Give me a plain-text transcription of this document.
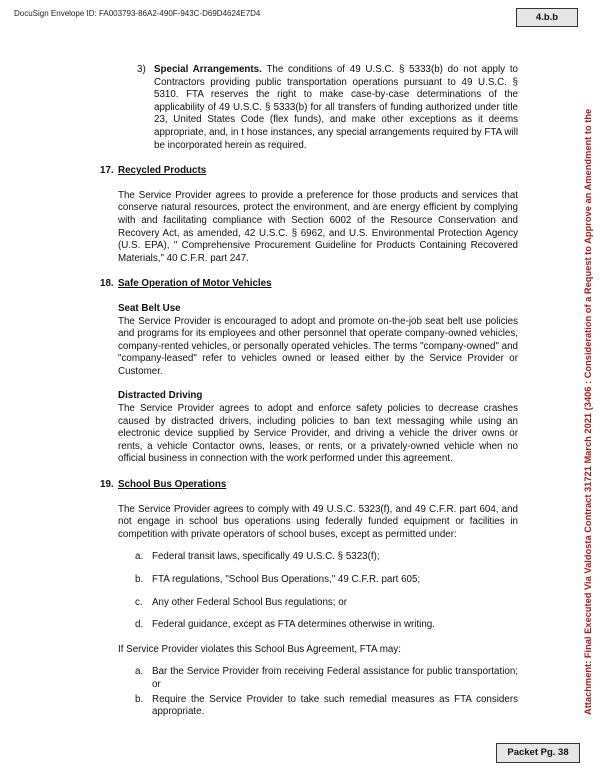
DocuSign Envelope ID: FA003793-86A2-490F-943C-D69D4624E7D4	4.b.b
Attachment: Final Executed Via Valdosta Contract 31721 March 2021 (3406 : Consideration of a Request to Approve an Amendment to the

3) Special Arrangements. The conditions of 49 U.S.C. § 5333(b) do not apply to Contractors providing public transportation operations pursuant to 49 U.S.C. § 5310. FTA reserves the right to make case-by-case determinations of the applicability of 49 U.S.C. § 5333(b) for all transfers of funding authorized under title 23, United States Code (flex funds), and make other exceptions as it deems appropriate, and, in t hose instances, any special arrangements required by FTA will be incorporated herein as required.

17. Recycled Products

The Service Provider agrees to provide a preference for those products and services that conserve natural resources, protect the environment, and are energy efficient by complying with and facilitating compliance with Section 6002 of the Resource Conservation and Recovery Act, as amended, 42 U.S.C. § 6962, and U.S. Environmental Protection Agency (U.S. EPA), " Comprehensive Procurement Guideline for Products Containing Recovered Materials," 40 C.F.R. part 247.

18. Safe Operation of Motor Vehicles
Seat Belt Use

The Service Provider is encouraged to adopt and promote on-the-job seat belt use policies and programs for its employees and other personnel that operate company-owned vehicles, company-rented vehicles, or personally operated vehicles. The terms "company-owned" and "company-leased" refer to vehicles owned or leased either by the Service Provider or Customer.

Distracted Driving

The Service Provider agrees to adopt and enforce safety policies to decrease crashes caused by distracted drivers, including policies to ban text messaging while using an electronic device supplied by Service Provider, and driving a vehicle the driver owns or rents, a vehicle Contactor owns, leases, or rents, or a privately-owned vehicle when no official business in connection with the work performed under this agreement.

19. School Bus Operations

The Service Provider agrees to comply with 49 U.S.C. 5323(f), and 49 C.F.R. part 604, and not engage in school bus operations using federally funded equipment or facilities in competition with private operators of school buses, except as permitted under:

a. Federal transit laws, specifically 49 U.S.C. § 5323(f);
b. FTA regulations, "School Bus Operations," 49 C.F.R. part 605;
c. Any other Federal School Bus regulations; or
d. Federal guidance, except as FTA determines otherwise in writing.

If Service Provider violates this School Bus Agreement, FTA may:

a. Bar the Service Provider from receiving Federal assistance for public transportation; or
b. Require the Service Provider to take such remedial measures as FTA considers appropriate.
Packet Pg. 38
